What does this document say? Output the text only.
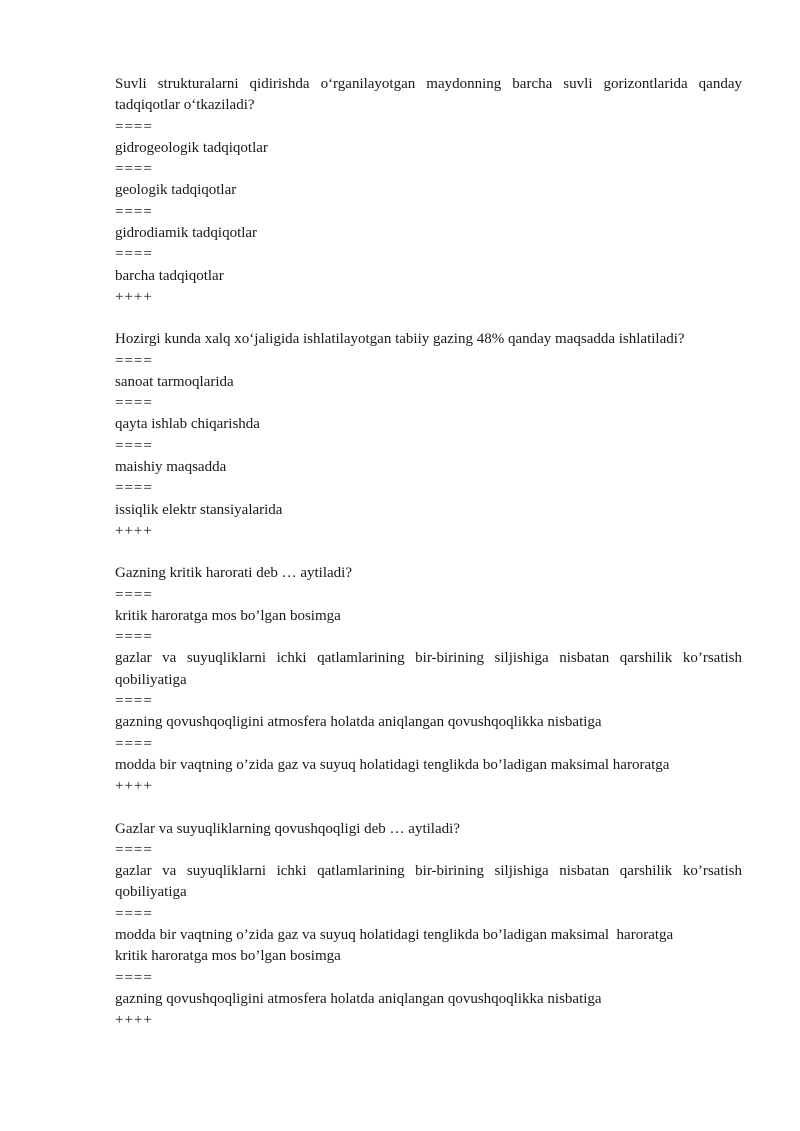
Suvli strukturalarni qidirishda o‘rganilayotgan maydonning barcha suvli gorizontlarida qanday tadqiqotlar o‘tkaziladi?
====
gidrogeologik tadqiqotlar
====
geologik tadqiqotlar
====
gidrodiamik tadqiqotlar
====
barcha tadqiqotlar
++++
Hozirgi kunda xalq xo‘jaligida ishlatilayotgan tabiiy gazing 48% qanday maqsadda ishlatiladi?
====
sanoat tarmoqlarida
====
qayta ishlab chiqarishda
====
maishiy maqsadda
====
issiqlik elektr stansiyalarida
++++
Gazning kritik harorati deb … aytiladi?
====
kritik haroratga mos bo’lgan bosimga
====
gazlar va suyuqliklarni ichki qatlamlarining bir-birining siljishiga nisbatan qarshilik ko’rsatish qobiliyatiga
====
gazning qovushqoqligini atmosfera holatda aniqlangan qovushqoqlikka nisbatiga
====
modda bir vaqtning o’zida gaz va suyuq holatidagi tenglikda bo’ladigan maksimal haroratga
++++
Gazlar va suyuqliklarning qovushqoqligi deb … aytiladi?
====
gazlar va suyuqliklarni ichki qatlamlarining bir-birining siljishiga nisbatan qarshilik ko’rsatish qobiliyatiga
====
modda bir vaqtning o’zida gaz va suyuq holatidagi tenglikda bo’ladigan maksimal  haroratga
kritik haroratga mos bo’lgan bosimga
====
gazning qovushqoqligini atmosfera holatda aniqlangan qovushqoqlikka nisbatiga
++++
